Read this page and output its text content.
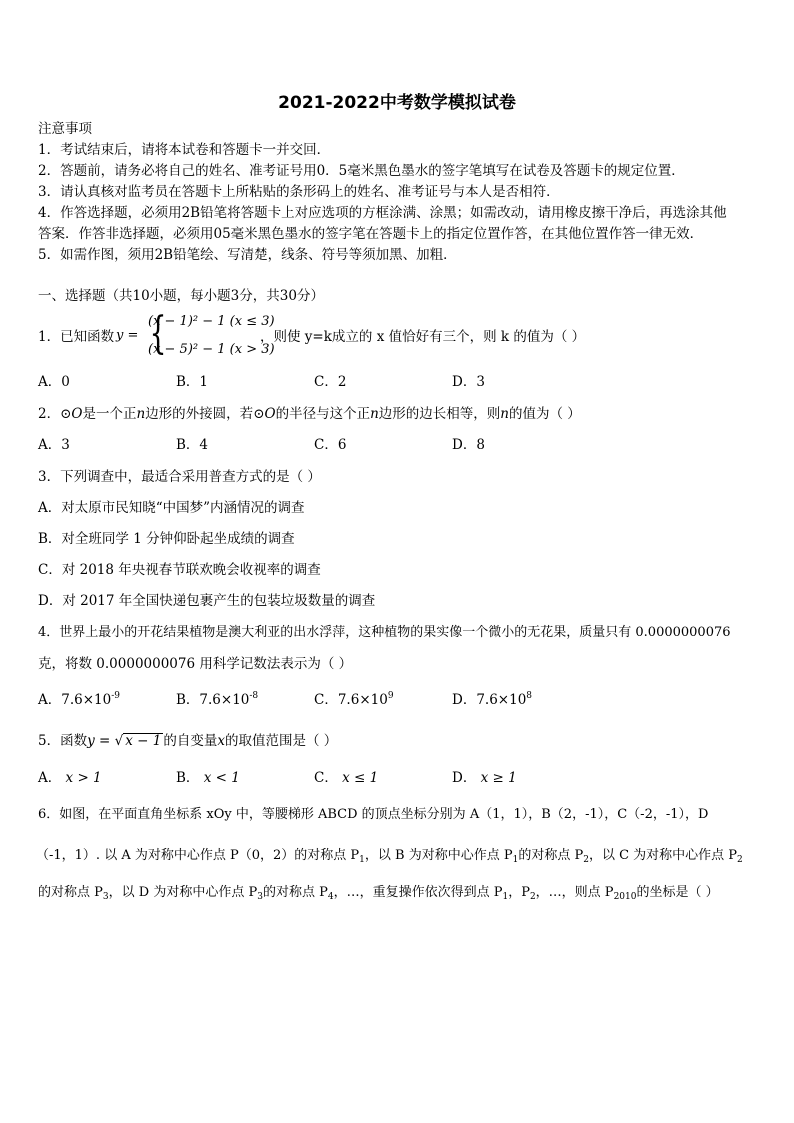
2021-2022中考数学模拟试卷
注意事项
1．考试结束后，请将本试卷和答题卡一并交回．
2．答题前，请务必将自己的姓名、准考证号用0．5毫米黑色墨水的签字笔填写在试卷及答题卡的规定位置．
3．请认真核对监考员在答题卡上所粘贴的条形码上的姓名、准考证号与本人是否相符．
4．作答选择题，必须用2B铅笔将答题卡上对应选项的方框涂满、涂黑；如需改动，请用橡皮擦干净后，再选涂其他
答案．作答非选择题，必须用05毫米黑色墨水的签字笔在答题卡上的指定位置作答，在其他位置作答一律无效．
5．如需作图，须用2B铅笔绘、写清楚，线条、符号等须加黑、加粗．
一、选择题（共10小题，每小题3分，共30分）
1．已知函数 y = {
(x − 1)² − 1 (x ≤ 3)
(x − 5)² − 1 (x > 3)
，则使 y=k成立的 x 值恰好有三个，则 k 的值为（ ）
A．0	B．1	C．2	D．3
2．⊙O是一个正n边形的外接圆，若⊙O的半径与这个正n边形的边长相等，则n的值为（ ）
A．3	B．4	C．6	D．8
3．下列调查中，最适合采用普查方式的是（ ）
A．对太原市民知晓“中国梦”内涵情况的调查
B．对全班同学 1 分钟仰卧起坐成绩的调查
C．对 2018 年央视春节联欢晚会收视率的调查
D．对 2017 年全国快递包裹产生的包装垃圾数量的调查
4．世界上最小的开花结果植物是澳大利亚的出水浮萍，这种植物的果实像一个微小的无花果，质量只有 0.0000000076
克，将数 0.0000000076 用科学记数法表示为（ ）
A．$7.6\times 10^{-9}$	B．$7.6\times 10^{-8}$	C．$7.6\times 10^9$	D．$7.6\times 10^8$
5．函数y = √ x − 1 的自变量x的取值范围是（ ）
A． x > 1	B． x < 1	C． x ≤ 1	D． x ≥ 1
6．如图，在平面直角坐标系 xOy 中，等腰梯形 ABCD 的顶点坐标分别为 A（1，1），B（2，-1），C（-2，-1），D
（-1，1）. 以 A 为对称中心作点 P（0，2）的对称点 $P_1$，以 B 为对称中心作点 $P_1$的对称点 $P_2$，以 C 为对称中心作点 $P_2$
的对称点 $P_3$，以 D 为对称中心作点 $P_3$的对称点 $P_4$，…，重复操作依次得到点 $P_1$，$P_2$，…，则点 $P_{2010}$的坐标是（ ）
